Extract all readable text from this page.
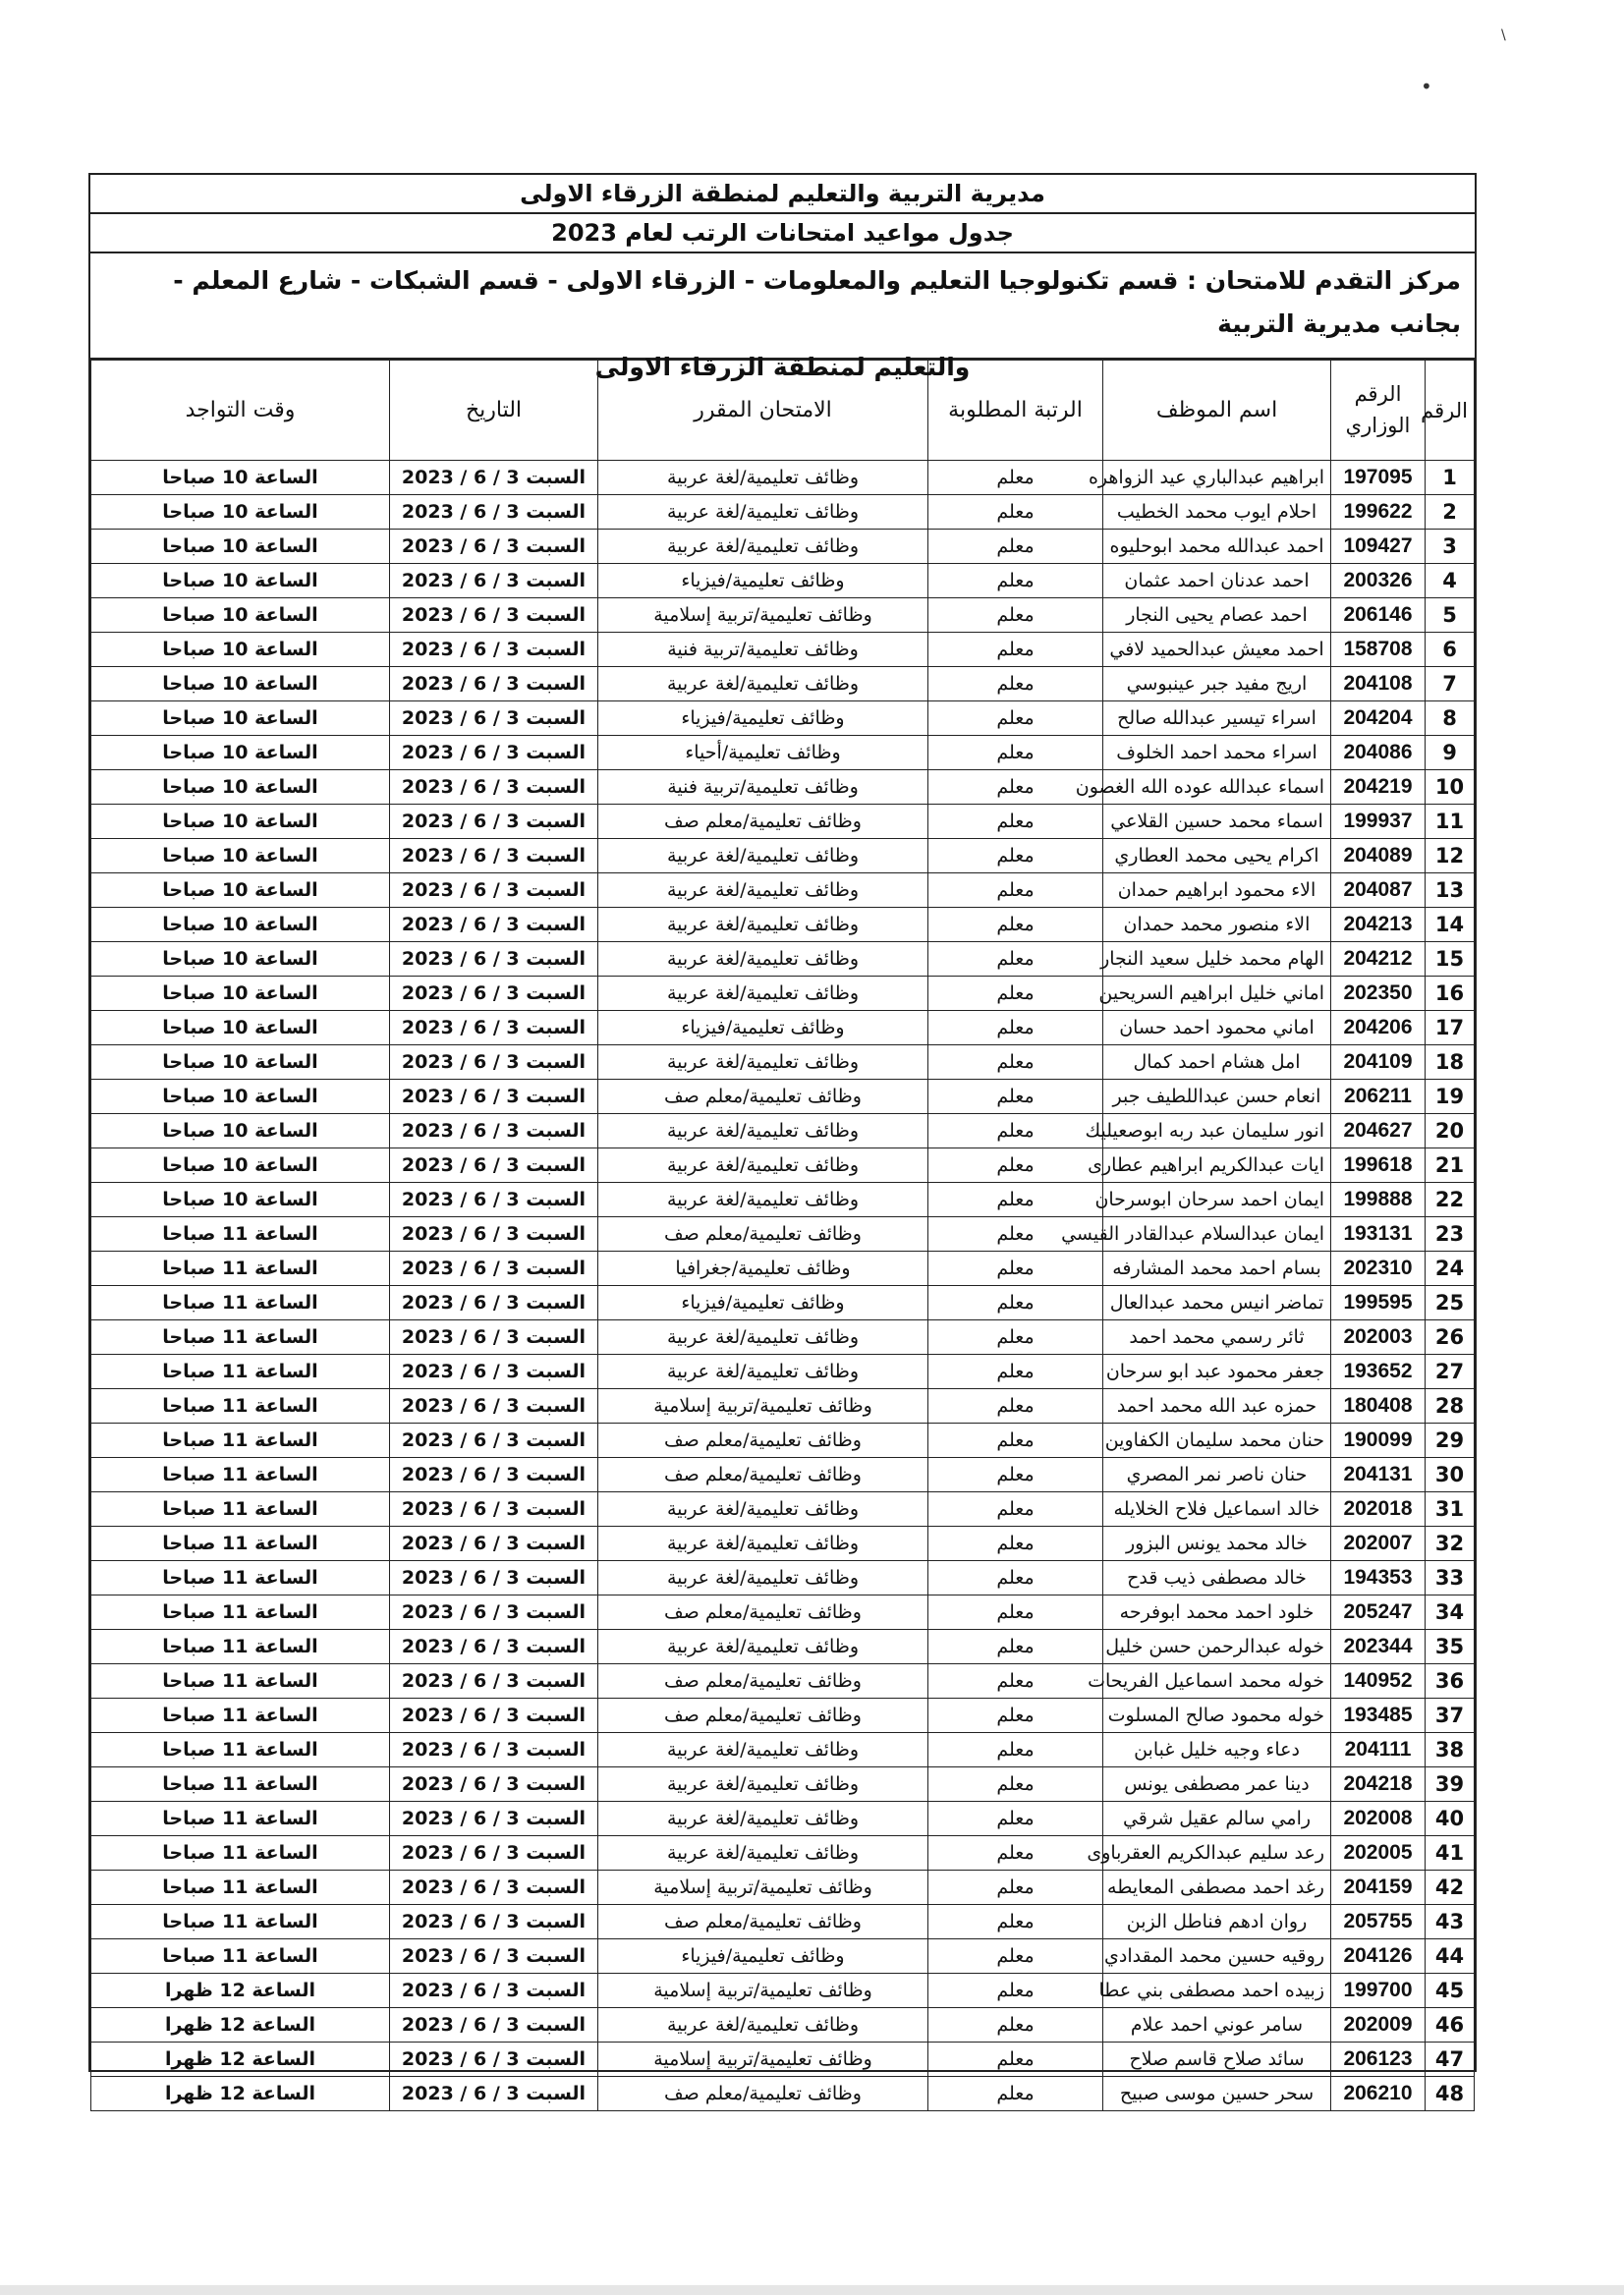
\
•
مديرية التربية والتعليم لمنطقة الزرقاء الاولى
جدول مواعيد امتحانات الرتب لعام 2023
مركز التقدم للامتحان : قسم تكنولوجيا التعليم والمعلومات - الزرقاء الاولى - قسم الشبكات - شارع المعلم - بجانب مديرية التربية
والتعليم لمنطقة الزرقاء الاولى
الرقم	الرقم الوزاري	اسم الموظف	الرتبة المطلوبة	الامتحان المقرر	التاريخ	وقت التواجد
1	197095	ابراهيم عبدالباري عيد الزواهره	معلم	وظائف تعليمية/لغة عربية	السبت 3 / 6 / 2023	الساعة 10 صباحا
2	199622	احلام ايوب محمد الخطيب	معلم	وظائف تعليمية/لغة عربية	السبت 3 / 6 / 2023	الساعة 10 صباحا
3	109427	احمد عبدالله محمد ابوحليوه	معلم	وظائف تعليمية/لغة عربية	السبت 3 / 6 / 2023	الساعة 10 صباحا
4	200326	احمد عدنان احمد عثمان	معلم	وظائف تعليمية/فيزياء	السبت 3 / 6 / 2023	الساعة 10 صباحا
5	206146	احمد عصام يحيى النجار	معلم	وظائف تعليمية/تربية إسلامية	السبت 3 / 6 / 2023	الساعة 10 صباحا
6	158708	احمد معيش عبدالحميد لافي	معلم	وظائف تعليمية/تربية فنية	السبت 3 / 6 / 2023	الساعة 10 صباحا
7	204108	اريج مفيد جبر عينبوسي	معلم	وظائف تعليمية/لغة عربية	السبت 3 / 6 / 2023	الساعة 10 صباحا
8	204204	اسراء تيسير عبدالله صالح	معلم	وظائف تعليمية/فيزياء	السبت 3 / 6 / 2023	الساعة 10 صباحا
9	204086	اسراء محمد احمد الخلوف	معلم	وظائف تعليمية/أحياء	السبت 3 / 6 / 2023	الساعة 10 صباحا
10	204219	اسماء عبدالله عوده الله الغصون	معلم	وظائف تعليمية/تربية فنية	السبت 3 / 6 / 2023	الساعة 10 صباحا
11	199937	اسماء محمد حسين القلاعي	معلم	وظائف تعليمية/معلم صف	السبت 3 / 6 / 2023	الساعة 10 صباحا
12	204089	اكرام يحيى محمد العطاري	معلم	وظائف تعليمية/لغة عربية	السبت 3 / 6 / 2023	الساعة 10 صباحا
13	204087	الاء محمود ابراهيم حمدان	معلم	وظائف تعليمية/لغة عربية	السبت 3 / 6 / 2023	الساعة 10 صباحا
14	204213	الاء منصور محمد حمدان	معلم	وظائف تعليمية/لغة عربية	السبت 3 / 6 / 2023	الساعة 10 صباحا
15	204212	الهام محمد خليل سعيد النجار	معلم	وظائف تعليمية/لغة عربية	السبت 3 / 6 / 2023	الساعة 10 صباحا
16	202350	اماني خليل ابراهيم السريحين	معلم	وظائف تعليمية/لغة عربية	السبت 3 / 6 / 2023	الساعة 10 صباحا
17	204206	اماني محمود احمد حسان	معلم	وظائف تعليمية/فيزياء	السبت 3 / 6 / 2023	الساعة 10 صباحا
18	204109	امل هشام احمد كمال	معلم	وظائف تعليمية/لغة عربية	السبت 3 / 6 / 2023	الساعة 10 صباحا
19	206211	انعام حسن عبداللطيف جبر	معلم	وظائف تعليمية/معلم صف	السبت 3 / 6 / 2023	الساعة 10 صباحا
20	204627	انور سليمان عبد ربه ابوصعيليك	معلم	وظائف تعليمية/لغة عربية	السبت 3 / 6 / 2023	الساعة 10 صباحا
21	199618	ايات عبدالكريم ابراهيم عطارى	معلم	وظائف تعليمية/لغة عربية	السبت 3 / 6 / 2023	الساعة 10 صباحا
22	199888	ايمان احمد سرحان ابوسرحان	معلم	وظائف تعليمية/لغة عربية	السبت 3 / 6 / 2023	الساعة 10 صباحا
23	193131	ايمان عبدالسلام عبدالقادر القيسي	معلم	وظائف تعليمية/معلم صف	السبت 3 / 6 / 2023	الساعة 11 صباحا
24	202310	بسام احمد محمد المشارفه	معلم	وظائف تعليمية/جغرافيا	السبت 3 / 6 / 2023	الساعة 11 صباحا
25	199595	تماضر انيس محمد عبدالعال	معلم	وظائف تعليمية/فيزياء	السبت 3 / 6 / 2023	الساعة 11 صباحا
26	202003	ثائر رسمي محمد احمد	معلم	وظائف تعليمية/لغة عربية	السبت 3 / 6 / 2023	الساعة 11 صباحا
27	193652	جعفر محمود عبد ابو سرحان	معلم	وظائف تعليمية/لغة عربية	السبت 3 / 6 / 2023	الساعة 11 صباحا
28	180408	حمزه عبد الله محمد احمد	معلم	وظائف تعليمية/تربية إسلامية	السبت 3 / 6 / 2023	الساعة 11 صباحا
29	190099	حنان محمد سليمان الكفاوين	معلم	وظائف تعليمية/معلم صف	السبت 3 / 6 / 2023	الساعة 11 صباحا
30	204131	حنان ناصر نمر المصري	معلم	وظائف تعليمية/معلم صف	السبت 3 / 6 / 2023	الساعة 11 صباحا
31	202018	خالد اسماعيل فلاح الخلايله	معلم	وظائف تعليمية/لغة عربية	السبت 3 / 6 / 2023	الساعة 11 صباحا
32	202007	خالد محمد يونس البزور	معلم	وظائف تعليمية/لغة عربية	السبت 3 / 6 / 2023	الساعة 11 صباحا
33	194353	خالد مصطفى ذيب قدح	معلم	وظائف تعليمية/لغة عربية	السبت 3 / 6 / 2023	الساعة 11 صباحا
34	205247	خلود احمد محمد ابوفرحه	معلم	وظائف تعليمية/معلم صف	السبت 3 / 6 / 2023	الساعة 11 صباحا
35	202344	خوله عبدالرحمن حسن خليل	معلم	وظائف تعليمية/لغة عربية	السبت 3 / 6 / 2023	الساعة 11 صباحا
36	140952	خوله محمد اسماعيل الفريحات	معلم	وظائف تعليمية/معلم صف	السبت 3 / 6 / 2023	الساعة 11 صباحا
37	193485	خوله محمود صالح المسلوت	معلم	وظائف تعليمية/معلم صف	السبت 3 / 6 / 2023	الساعة 11 صباحا
38	204111	دعاء وجيه خليل غبابن	معلم	وظائف تعليمية/لغة عربية	السبت 3 / 6 / 2023	الساعة 11 صباحا
39	204218	دينا عمر مصطفى يونس	معلم	وظائف تعليمية/لغة عربية	السبت 3 / 6 / 2023	الساعة 11 صباحا
40	202008	رامي سالم عقيل شرقي	معلم	وظائف تعليمية/لغة عربية	السبت 3 / 6 / 2023	الساعة 11 صباحا
41	202005	رعد سليم عبدالكريم العقرباوى	معلم	وظائف تعليمية/لغة عربية	السبت 3 / 6 / 2023	الساعة 11 صباحا
42	204159	رغد احمد مصطفى المعايطه	معلم	وظائف تعليمية/تربية إسلامية	السبت 3 / 6 / 2023	الساعة 11 صباحا
43	205755	روان ادهم فناطل الزبن	معلم	وظائف تعليمية/معلم صف	السبت 3 / 6 / 2023	الساعة 11 صباحا
44	204126	روقيه حسين محمد المقدادي	معلم	وظائف تعليمية/فيزياء	السبت 3 / 6 / 2023	الساعة 11 صباحا
45	199700	زبيده احمد مصطفى بني عطا	معلم	وظائف تعليمية/تربية إسلامية	السبت 3 / 6 / 2023	الساعة 12 ظهرا
46	202009	سامر عوني احمد علام	معلم	وظائف تعليمية/لغة عربية	السبت 3 / 6 / 2023	الساعة 12 ظهرا
47	206123	سائد صلاح قاسم صلاح	معلم	وظائف تعليمية/تربية إسلامية	السبت 3 / 6 / 2023	الساعة 12 ظهرا
48	206210	سحر حسين موسى صبيح	معلم	وظائف تعليمية/معلم صف	السبت 3 / 6 / 2023	الساعة 12 ظهرا
